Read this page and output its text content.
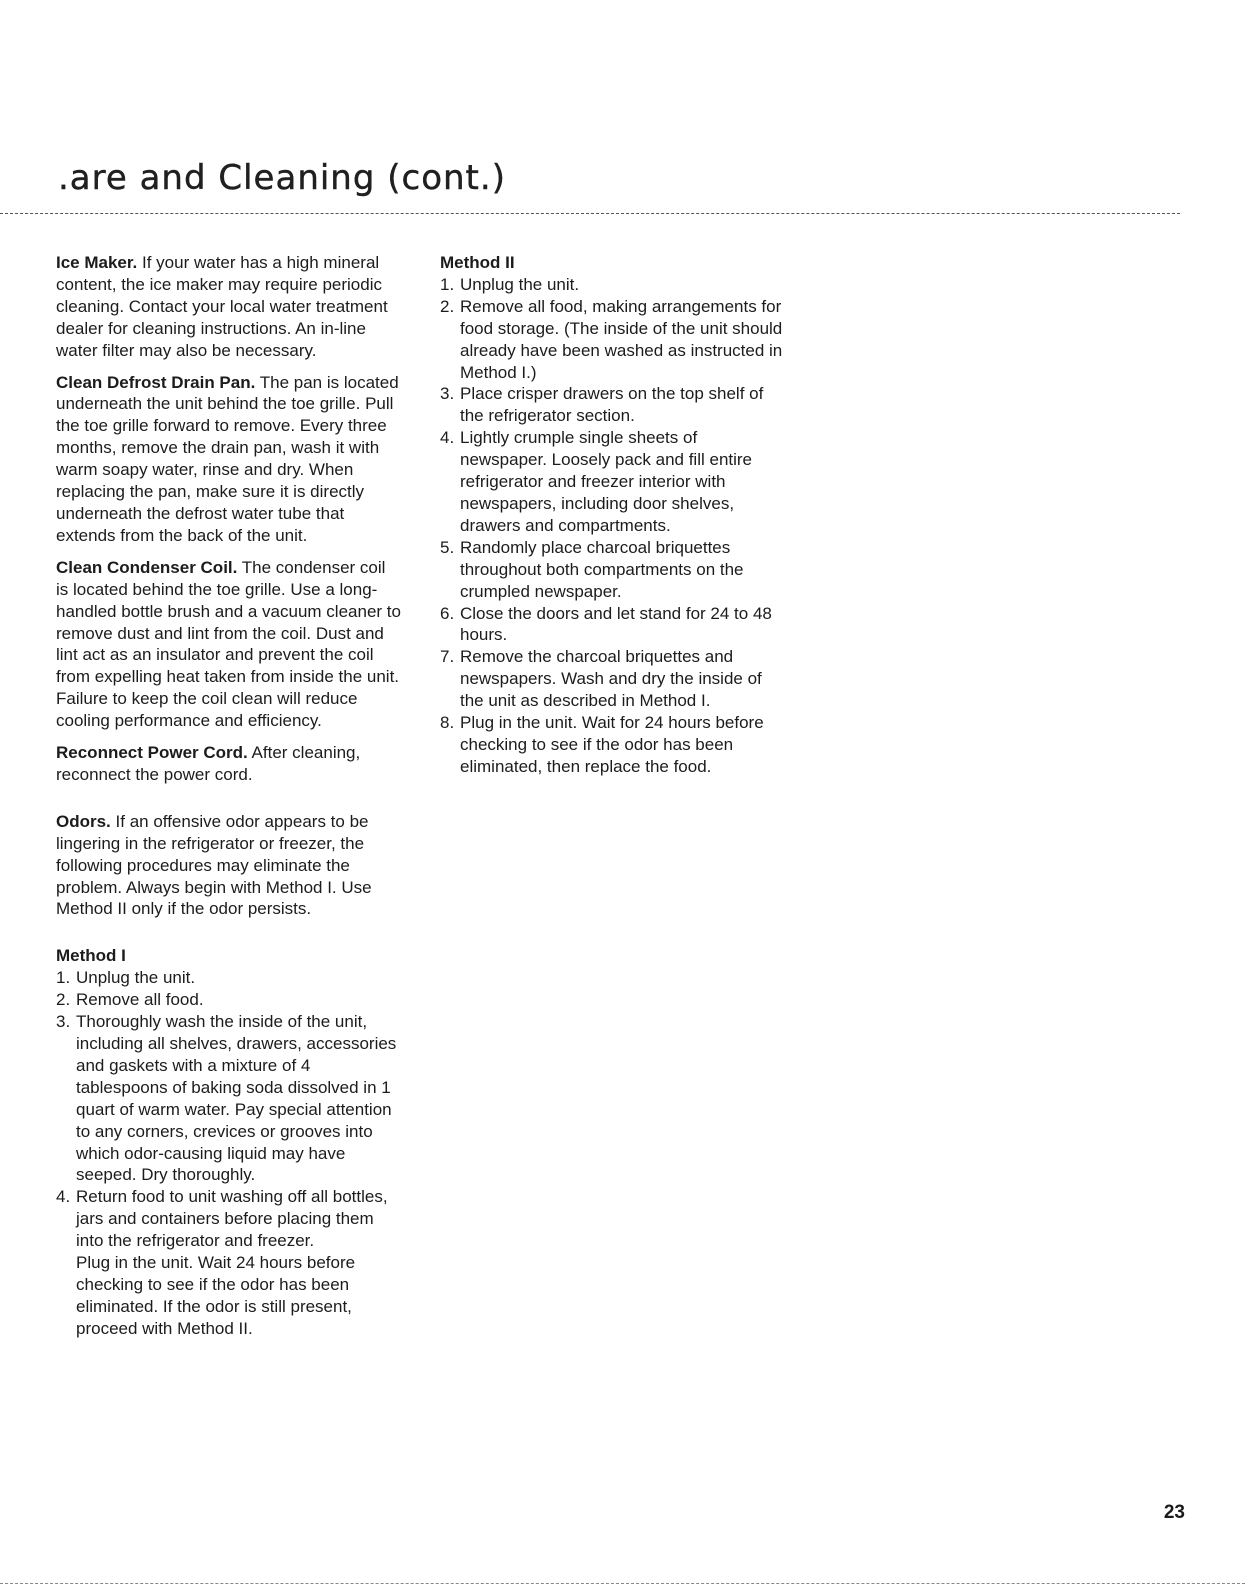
.are and Cleaning (cont.)

Ice Maker. If your water has a high mineral content, the ice maker may require periodic cleaning. Contact your local water treatment dealer for cleaning instructions. An in-line water filter may also be necessary.

Clean Defrost Drain Pan. The pan is located underneath the unit behind the toe grille. Pull the toe grille forward to remove. Every three months, remove the drain pan, wash it with warm soapy water, rinse and dry. When replacing the pan, make sure it is directly underneath the defrost water tube that extends from the back of the unit.

Clean Condenser Coil. The condenser coil is located behind the toe grille. Use a long-handled bottle brush and a vacuum cleaner to remove dust and lint from the coil. Dust and lint act as an insulator and prevent the coil from expelling heat taken from inside the unit. Failure to keep the coil clean will reduce cooling performance and efficiency.

Reconnect Power Cord. After cleaning, reconnect the power cord.

Odors. If an offensive odor appears to be lingering in the refrigerator or freezer, the following procedures may eliminate the problem. Always begin with Method I. Use Method II only if the odor persists.

Method I

1. Unplug the unit.
2. Remove all food.
3. Thoroughly wash the inside of the unit, including all shelves, drawers, accessories and gaskets with a mixture of 4 tablespoons of baking soda dissolved in 1 quart of warm water. Pay special attention to any corners, crevices or grooves into which odor-causing liquid may have seeped. Dry thoroughly.
4. Return food to unit washing off all bottles, jars and containers before placing them into the refrigerator and freezer.
Plug in the unit. Wait 24 hours before checking to see if the odor has been eliminated. If the odor is still present, proceed with Method II.

Method II

1. Unplug the unit.
2. Remove all food, making arrangements for food storage. (The inside of the unit should already have been washed as instructed in Method I.)
3. Place crisper drawers on the top shelf of the refrigerator section.
4. Lightly crumple single sheets of newspaper. Loosely pack and fill entire refrigerator and freezer interior with newspapers, including door shelves, drawers and compartments.
5. Randomly place charcoal briquettes throughout both compartments on the crumpled newspaper.
6. Close the doors and let stand for 24 to 48 hours.
7. Remove the charcoal briquettes and newspapers. Wash and dry the inside of the unit as described in Method I.
8. Plug in the unit. Wait for 24 hours before checking to see if the odor has been eliminated, then replace the food.
23
